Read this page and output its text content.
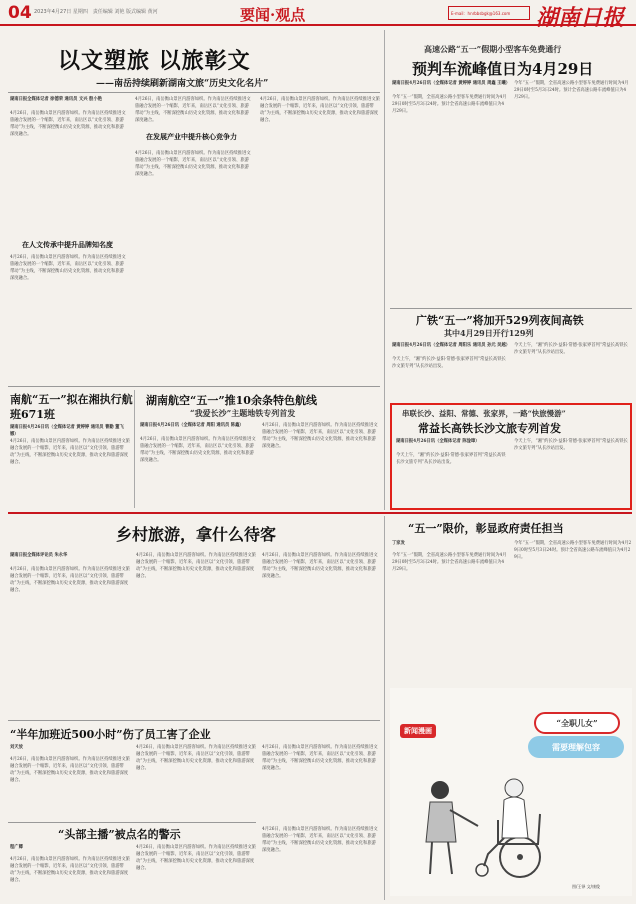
04 2023年4月27日 星期四　 责任编辑 刘艳 版式编辑 黄河	要闻·观点	E-mail：hnrbbsbgk@163.com	湖南日报
以文塑旅 以旅彰文
——南岳持续刷新湖南文旅“历史文化名片”
湖南日报全媒体记者 徐德荣 通讯员 文兴 殷小艳
4月26日，南岳衡山景区内游客如织。作为南岳区持续推进文旅融合发展的一个缩影，近年来，南岳区以“文化引领、旅游带动”为主线，不断深挖衡山历史文化资源，推动文化和旅游深度融合。
在人文传承中提升品牌知名度
4月26日，南岳衡山景区内游客如织。作为南岳区持续推进文旅融合发展的一个缩影，近年来，南岳区以“文化引领、旅游带动”为主线，不断深挖衡山历史文化资源，推动文化和旅游深度融合。
4月26日，南岳衡山景区内游客如织。作为南岳区持续推进文旅融合发展的一个缩影，近年来，南岳区以“文化引领、旅游带动”为主线，不断深挖衡山历史文化资源，推动文化和旅游深度融合。
在发展产业中提升核心竞争力
4月26日，南岳衡山景区内游客如织。作为南岳区持续推进文旅融合发展的一个缩影，近年来，南岳区以“文化引领、旅游带动”为主线，不断深挖衡山历史文化资源，推动文化和旅游深度融合。
4月26日，南岳衡山景区内游客如织。作为南岳区持续推进文旅融合发展的一个缩影，近年来，南岳区以“文化引领、旅游带动”为主线，不断深挖衡山历史文化资源，推动文化和旅游深度融合。
高速公路“五一”假期小型客车免费通行
预判车流峰值日为4月29日
湖南日报4月26日讯（全媒体记者 黄婷婷 通讯员 周鑫 王曦）
今年“五一”假期，全省高速公路小型客车免费通行时间为4月29日0时至5月3日24时。预计全省高速公路车流峰值日为4月29日。
今年“五一”假期，全省高速公路小型客车免费通行时间为4月29日0时至5月3日24时。预计全省高速公路车流峰值日为4月29日。
广铁“五一”将加开529列夜间高铁
其中4月29日开行129列
湖南日报4月26日讯（全媒体记者 周阳乐 通讯员 孙元 吴越）
今天上午，“湘”约长沙·益阳·常德·张家界首列“常益长高铁长沙文旅专列”从长沙站出发。
今天上午，“湘”约长沙·益阳·常德·张家界首列“常益长高铁长沙文旅专列”从长沙站出发。
串联长沙、益阳、常德、张家界，一路“快旅慢游”
常益长高铁长沙文旅专列首发
湖南日报4月26日讯（全媒体记者 陈淦璋）
今天上午，“湘”约长沙·益阳·常德·张家界首列“常益长高铁长沙文旅专列”从长沙站出发。
今天上午，“湘”约长沙·益阳·常德·张家界首列“常益长高铁长沙文旅专列”从长沙站出发。
南航“五一”拟在湘执行航班671班
湖南日报4月26日讯（全媒体记者 黄婷婷 通讯员 曹勤 董飞娜）
4月26日，南岳衡山景区内游客如织。作为南岳区持续推进文旅融合发展的一个缩影，近年来，南岳区以“文化引领、旅游带动”为主线，不断深挖衡山历史文化资源，推动文化和旅游深度融合。
湖南航空“五一”推10余条特色航线
“我爱长沙”主题地铁专列首发
湖南日报4月26日讯（全媒体记者 周阳 通讯员 陈鑫）
4月26日，南岳衡山景区内游客如织。作为南岳区持续推进文旅融合发展的一个缩影，近年来，南岳区以“文化引领、旅游带动”为主线，不断深挖衡山历史文化资源，推动文化和旅游深度融合。
4月26日，南岳衡山景区内游客如织。作为南岳区持续推进文旅融合发展的一个缩影，近年来，南岳区以“文化引领、旅游带动”为主线，不断深挖衡山历史文化资源，推动文化和旅游深度融合。
乡村旅游，拿什么待客
湖南日报全媒体评论员 朱永华
4月26日，南岳衡山景区内游客如织。作为南岳区持续推进文旅融合发展的一个缩影，近年来，南岳区以“文化引领、旅游带动”为主线，不断深挖衡山历史文化资源，推动文化和旅游深度融合。
4月26日，南岳衡山景区内游客如织。作为南岳区持续推进文旅融合发展的一个缩影，近年来，南岳区以“文化引领、旅游带动”为主线，不断深挖衡山历史文化资源，推动文化和旅游深度融合。
4月26日，南岳衡山景区内游客如织。作为南岳区持续推进文旅融合发展的一个缩影，近年来，南岳区以“文化引领、旅游带动”为主线，不断深挖衡山历史文化资源，推动文化和旅游深度融合。
“五一”限价，彰显政府责任担当
丁家发
今年“五一”假期，全省高速公路小型客车免费通行时间为4月29日0时至5月3日24时。预计全省高速公路车流峰值日为4月29日。
今年“五一”假期，全省高速公路小型客车免费通行时间为4月29日0时至5月3日24时。预计全省高速公路车流峰值日为4月29日。
“半年加班近500小时”伤了员工害了企业
刘天放
4月26日，南岳衡山景区内游客如织。作为南岳区持续推进文旅融合发展的一个缩影，近年来，南岳区以“文化引领、旅游带动”为主线，不断深挖衡山历史文化资源，推动文化和旅游深度融合。
4月26日，南岳衡山景区内游客如织。作为南岳区持续推进文旅融合发展的一个缩影，近年来，南岳区以“文化引领、旅游带动”为主线，不断深挖衡山历史文化资源，推动文化和旅游深度融合。
4月26日，南岳衡山景区内游客如织。作为南岳区持续推进文旅融合发展的一个缩影，近年来，南岳区以“文化引领、旅游带动”为主线，不断深挖衡山历史文化资源，推动文化和旅游深度融合。
“头部主播”被点名的警示
程广卿
4月26日，南岳衡山景区内游客如织。作为南岳区持续推进文旅融合发展的一个缩影，近年来，南岳区以“文化引领、旅游带动”为主线，不断深挖衡山历史文化资源，推动文化和旅游深度融合。
4月26日，南岳衡山景区内游客如织。作为南岳区持续推进文旅融合发展的一个缩影，近年来，南岳区以“文化引领、旅游带动”为主线，不断深挖衡山历史文化资源，推动文化和旅游深度融合。
4月26日，南岳衡山景区内游客如织。作为南岳区持续推进文旅融合发展的一个缩影，近年来，南岳区以“文化引领、旅游带动”为主线，不断深挖衡山历史文化资源，推动文化和旅游深度融合。
新闻漫画
“全职儿女”
需要理解包容
图/王铎 文/康俊
